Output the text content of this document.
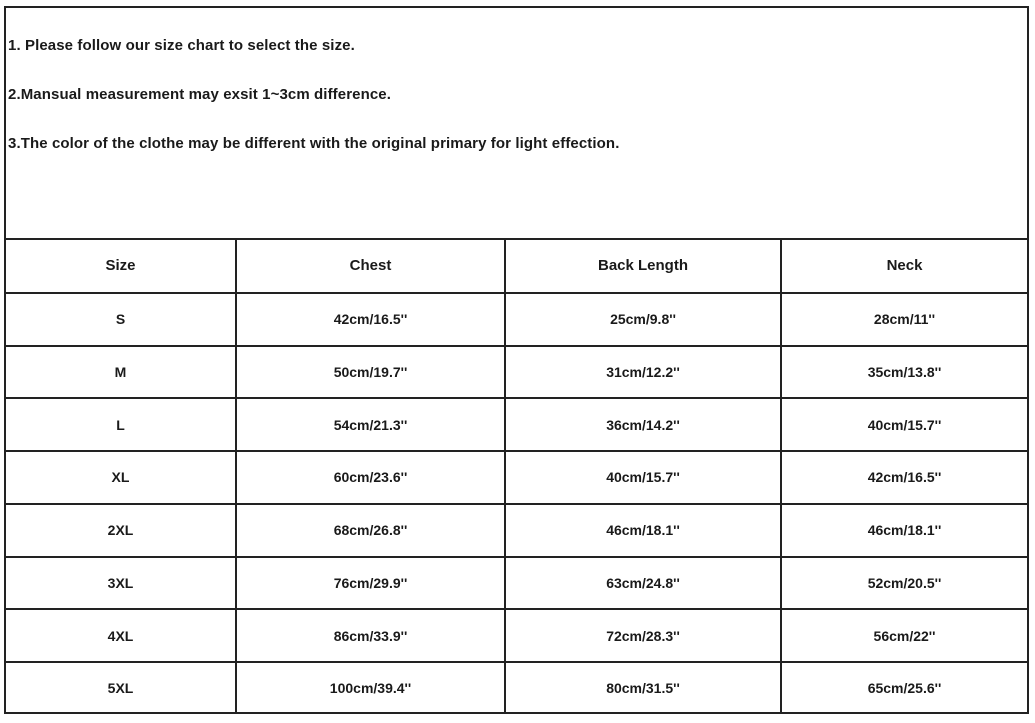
1. Please follow our size chart to select the size.
2.Mansual measurement may exsit 1~3cm difference.
3.The color of the clothe may be different with the original primary for light effection.
Size	Chest	Back Length	Neck
S	42cm/16.5''	25cm/9.8''	28cm/11''
M	50cm/19.7''	31cm/12.2''	35cm/13.8''
L	54cm/21.3''	36cm/14.2''	40cm/15.7''
XL	60cm/23.6''	40cm/15.7''	42cm/16.5''
2XL	68cm/26.8''	46cm/18.1''	46cm/18.1''
3XL	76cm/29.9''	63cm/24.8''	52cm/20.5''
4XL	86cm/33.9''	72cm/28.3''	56cm/22''
5XL	100cm/39.4''	80cm/31.5''	65cm/25.6''
